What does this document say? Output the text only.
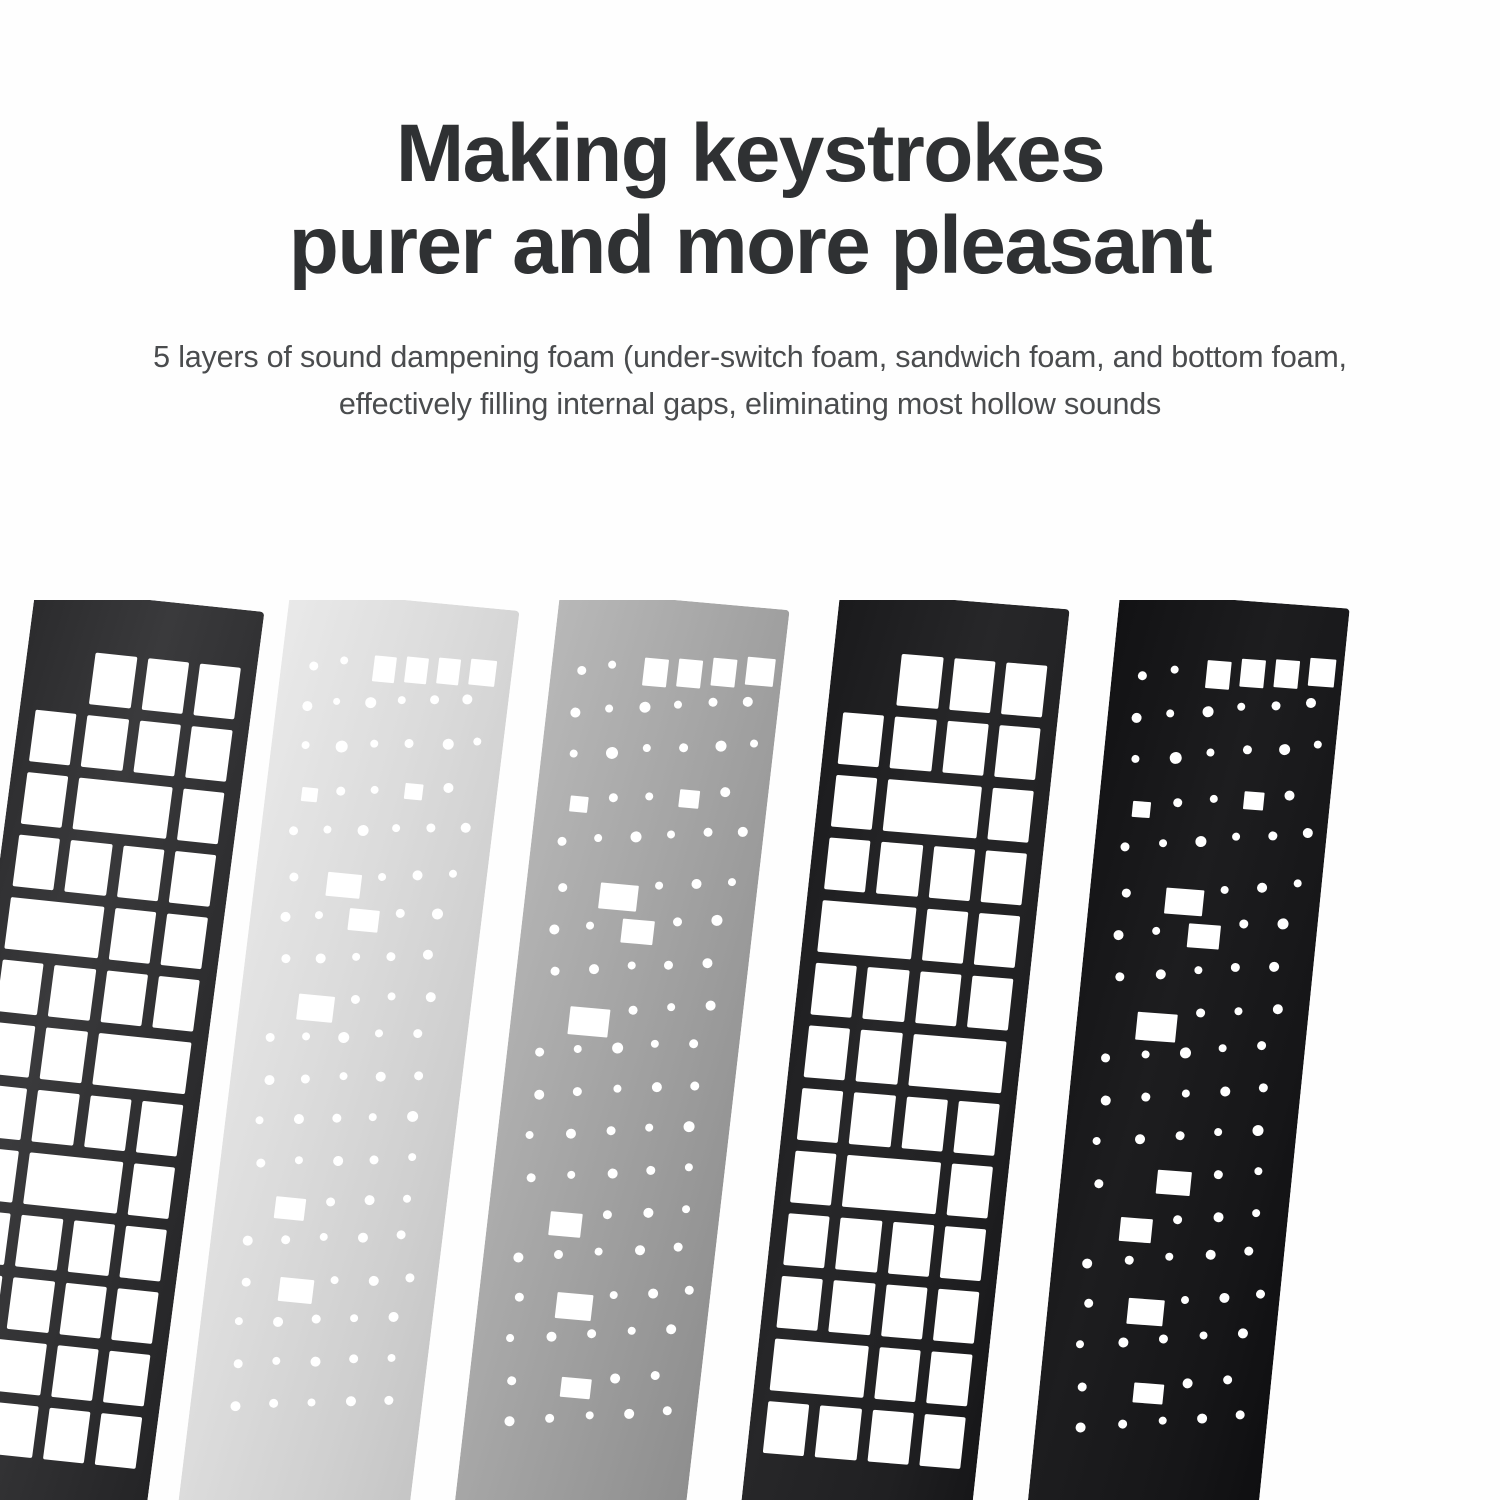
Making keystrokes
purer and more pleasant

5 layers of sound dampening foam (under-switch foam, sandwich foam, and bottom foam,
effectively filling internal gaps, eliminating most hollow sounds
